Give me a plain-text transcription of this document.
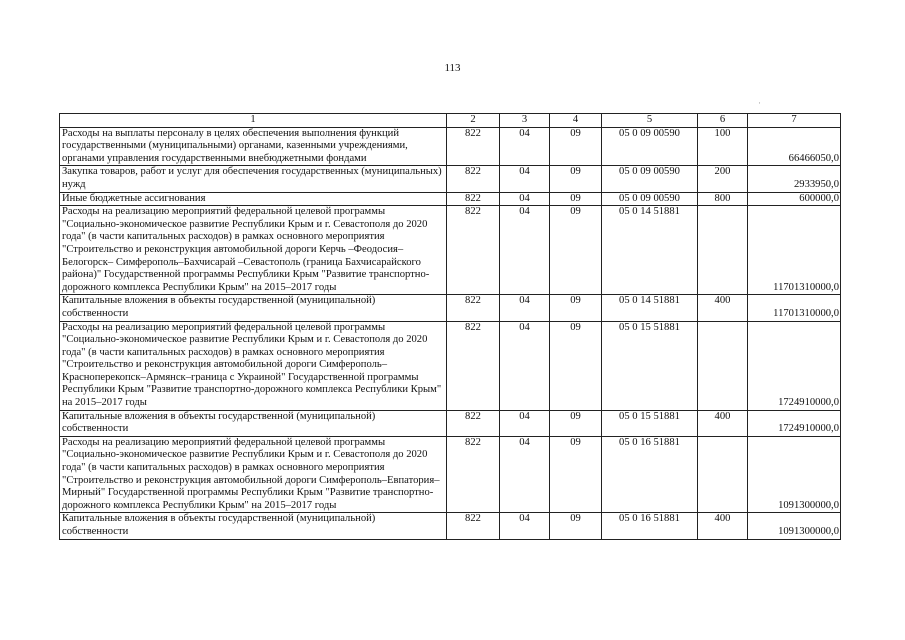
113
·
1	2	3	4	5	6	7
Расходы на выплаты персоналу в целях обеспечения выполнения функций государственными (муниципальными) органами, казенными учреждениями, органами управления государственными внебюджетными фондами	822	04	09	05 0 09 00590	100	66466050,0
Закупка товаров, работ и услуг для обеспечения государственных (муниципальных) нужд	822	04	09	05 0 09 00590	200	2933950,0
Иные бюджетные ассигнования	822	04	09	05 0 09 00590	800	600000,0
Расходы на реализацию мероприятий федеральной целевой программы "Социально-экономическое развитие Республики Крым и г. Севастополя до 2020 года" (в части капитальных расходов) в рамках основного мероприятия "Строительство и реконструкция автомобильной дороги Керчь –Феодосия–Белогорск– Симферополь–Бахчисарай –Севастополь (граница Бахчисарайского района)" Государственной программы Республики Крым "Развитие транспортно-дорожного комплекса Республики Крым" на 2015–2017 годы	822	04	09	05 0 14 51881		11701310000,0
Капитальные вложения в объекты государственной (муниципальной) собственности	822	04	09	05 0 14 51881	400	11701310000,0
Расходы на реализацию мероприятий федеральной целевой программы "Социально-экономическое развитие Республики Крым и г. Севастополя до 2020 года" (в части капитальных расходов) в рамках основного мероприятия "Строительство и реконструкция автомобильной дороги Симферополь–Красноперекопск–Армянск–граница с Украиной" Государственной программы Республики Крым "Развитие транспортно-дорожного комплекса Республики Крым" на 2015–2017 годы	822	04	09	05 0 15 51881		1724910000,0
Капитальные вложения в объекты государственной (муниципальной) собственности	822	04	09	05 0 15 51881	400	1724910000,0
Расходы на реализацию мероприятий федеральной целевой программы "Социально-экономическое развитие Республики Крым и г. Севастополя до 2020 года" (в части капитальных расходов) в рамках основного мероприятия "Строительство и реконструкция автомобильной дороги Симферополь–Евпатория–Мирный" Государственной программы Республики Крым "Развитие транспортно-дорожного комплекса Республики Крым" на 2015–2017 годы	822	04	09	05 0 16 51881		1091300000,0
Капитальные вложения в объекты государственной (муниципальной) собственности	822	04	09	05 0 16 51881	400	1091300000,0
